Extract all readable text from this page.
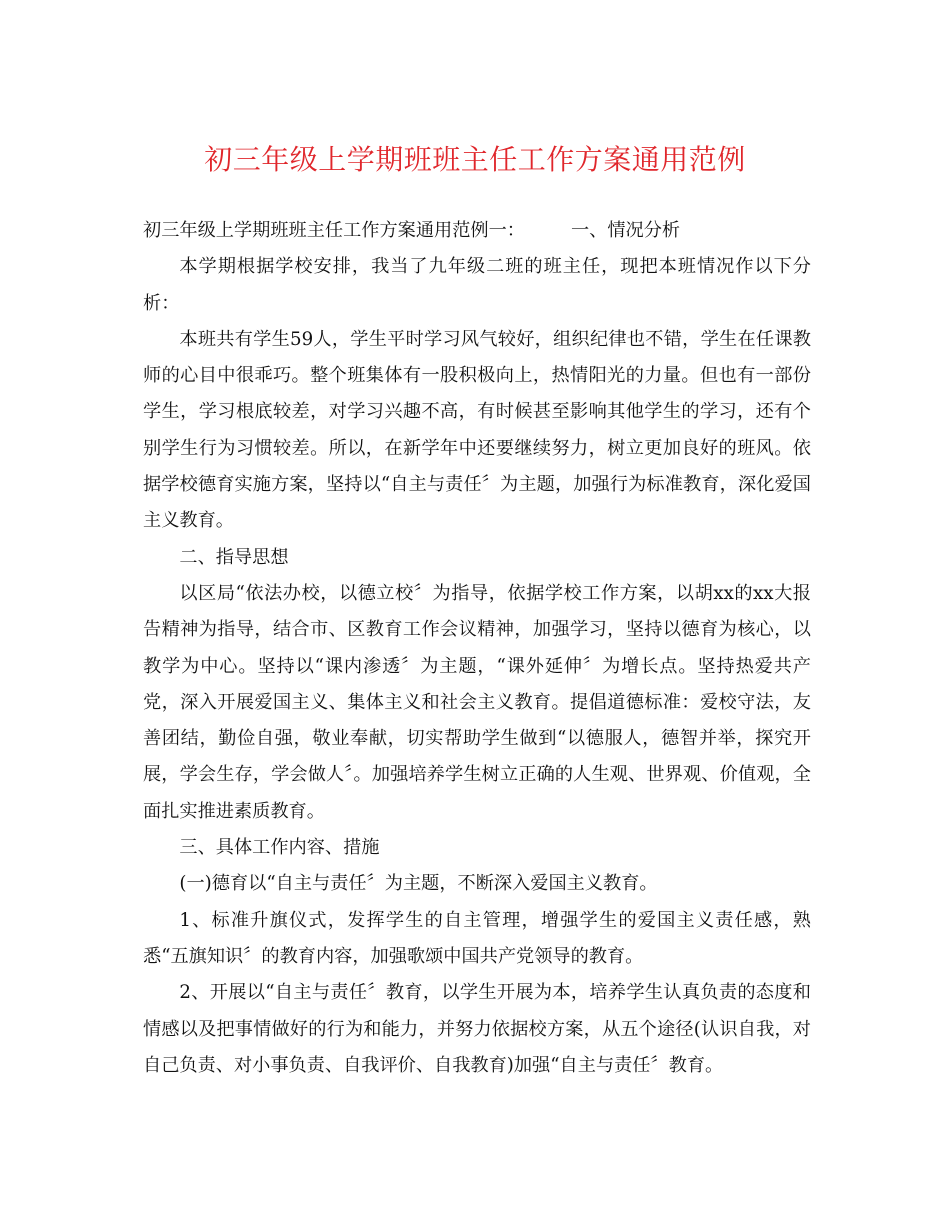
初三年级上学期班班主任工作方案通用范例

初三年级上学期班班主任工作方案通用范例一：	一、情况分析

本学期根据学校安排，我当了九年级二班的班主任，现把本班情况作以下分析：

本班共有学生59人，学生平时学习风气较好，组织纪律也不错，学生在任课教师的心目中很乖巧。整个班集体有一股积极向上，热情阳光的力量。但也有一部份学生，学习根底较差，对学习兴趣不高，有时候甚至影响其他学生的学习，还有个别学生行为习惯较差。所以，在新学年中还要继续努力，树立更加良好的班风。依据学校德育实施方案，坚持以“自主与责任〞为主题，加强行为标准教育，深化爱国主义教育。

二、指导思想

以区局“依法办校，以德立校〞为指导，依据学校工作方案，以胡xx的xx大报告精神为指导，结合市、区教育工作会议精神，加强学习，坚持以德育为核心，以教学为中心。坚持以“课内渗透〞为主题，“课外延伸〞为增长点。坚持热爱共产党，深入开展爱国主义、集体主义和社会主义教育。提倡道德标准：爱校守法，友善团结，勤俭自强，敬业奉献，切实帮助学生做到“以德服人，德智并举，探究开展，学会生存，学会做人〞。加强培养学生树立正确的人生观、世界观、价值观，全面扎实推进素质教育。

三、具体工作内容、措施

(一)德育以“自主与责任〞为主题，不断深入爱国主义教育。

1、标准升旗仪式，发挥学生的自主管理，增强学生的爱国主义责任感，熟悉“五旗知识〞的教育内容，加强歌颂中国共产党领导的教育。

2、开展以“自主与责任〞教育，以学生开展为本，培养学生认真负责的态度和情感以及把事情做好的行为和能力，并努力依据校方案，从五个途径(认识自我，对自己负责、对小事负责、自我评价、自我教育)加强“自主与责任〞教育。
